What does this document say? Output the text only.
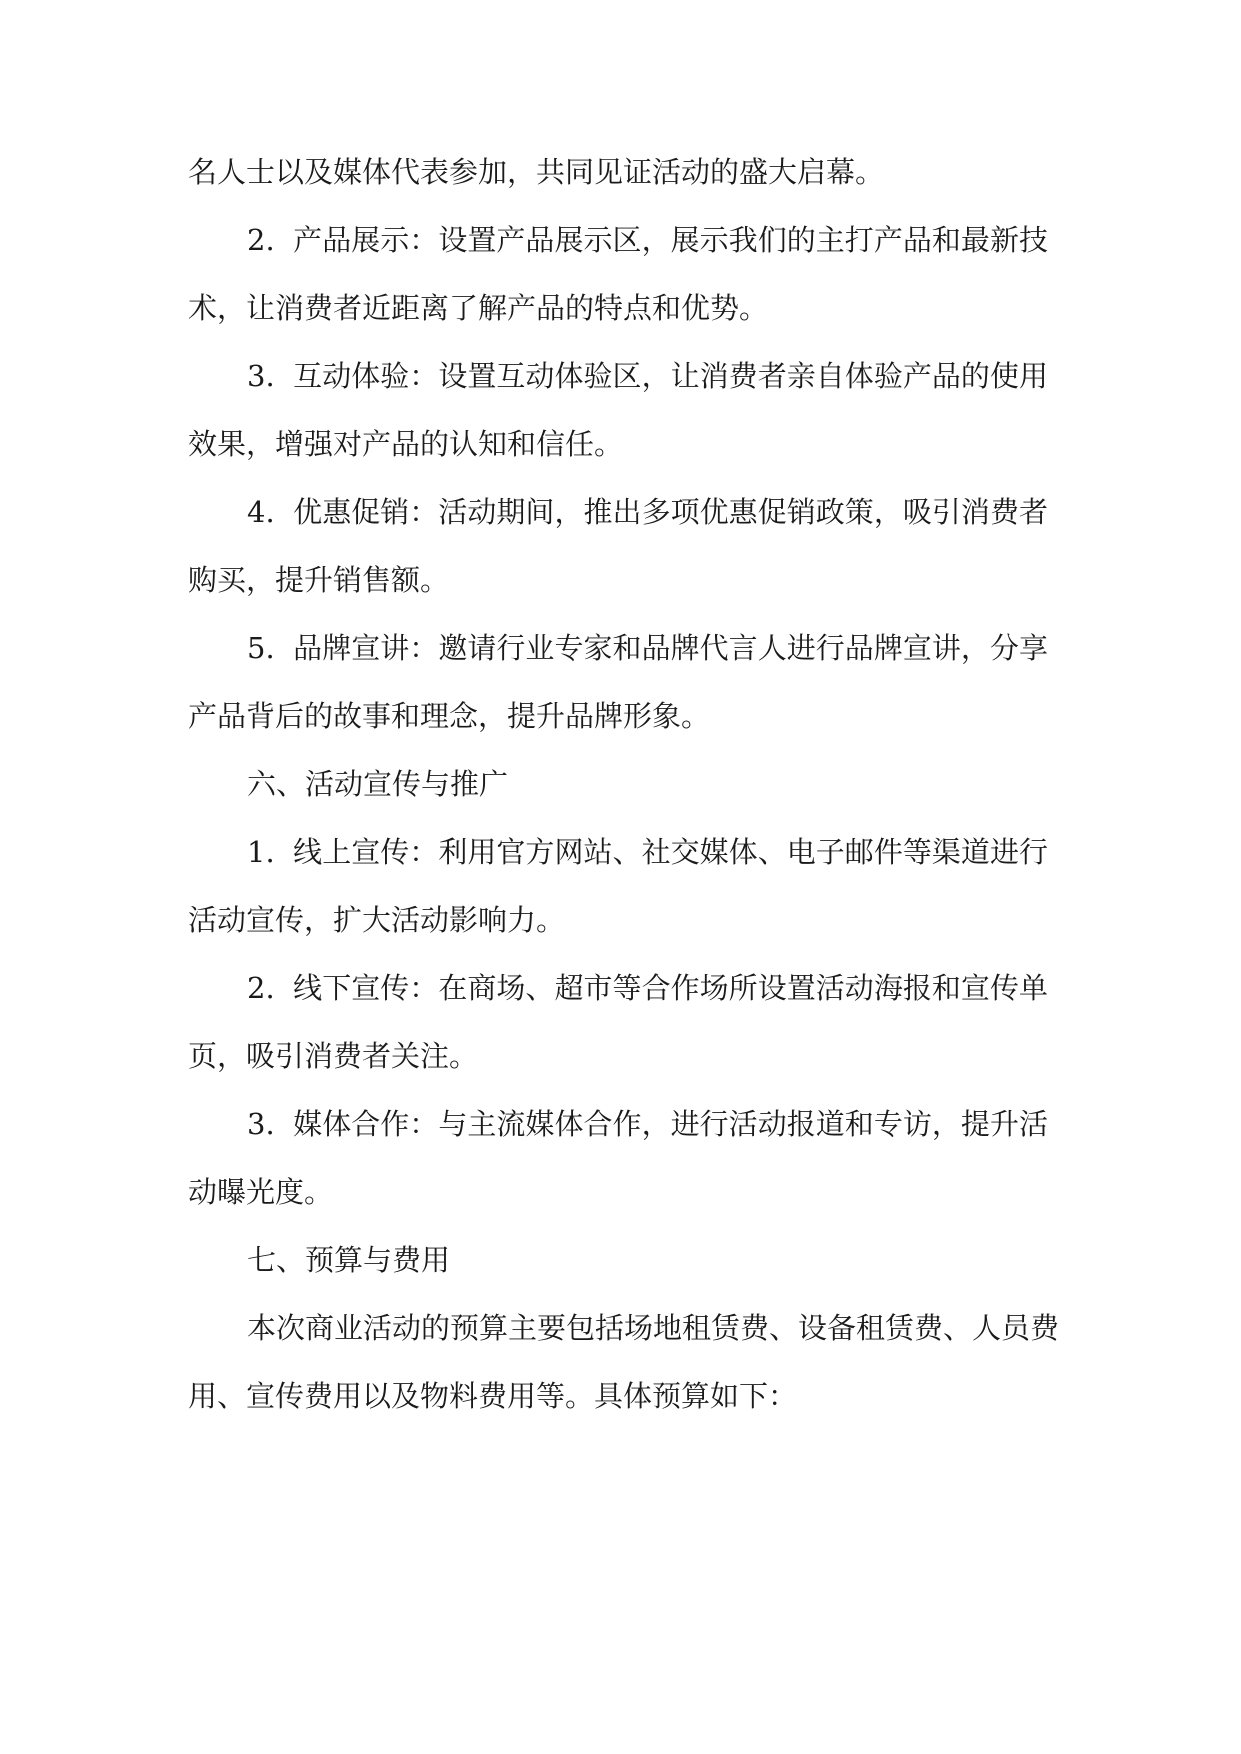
名人士以及媒体代表参加，共同见证活动的盛大启幕。
2.  产品展示：设置产品展示区，展示我们的主打产品和最新技
术，让消费者近距离了解产品的特点和优势。
3.  互动体验：设置互动体验区，让消费者亲自体验产品的使用
效果，增强对产品的认知和信任。
4.  优惠促销：活动期间，推出多项优惠促销政策，吸引消费者
购买，提升销售额。
5.  品牌宣讲：邀请行业专家和品牌代言人进行品牌宣讲，分享
产品背后的故事和理念，提升品牌形象。
六、活动宣传与推广
1.  线上宣传：利用官方网站、社交媒体、电子邮件等渠道进行
活动宣传，扩大活动影响力。
2.  线下宣传：在商场、超市等合作场所设置活动海报和宣传单
页，吸引消费者关注。
3.  媒体合作：与主流媒体合作，进行活动报道和专访，提升活
动曝光度。
七、预算与费用
本次商业活动的预算主要包括场地租赁费、设备租赁费、人员费
用、宣传费用以及物料费用等。具体预算如下：
